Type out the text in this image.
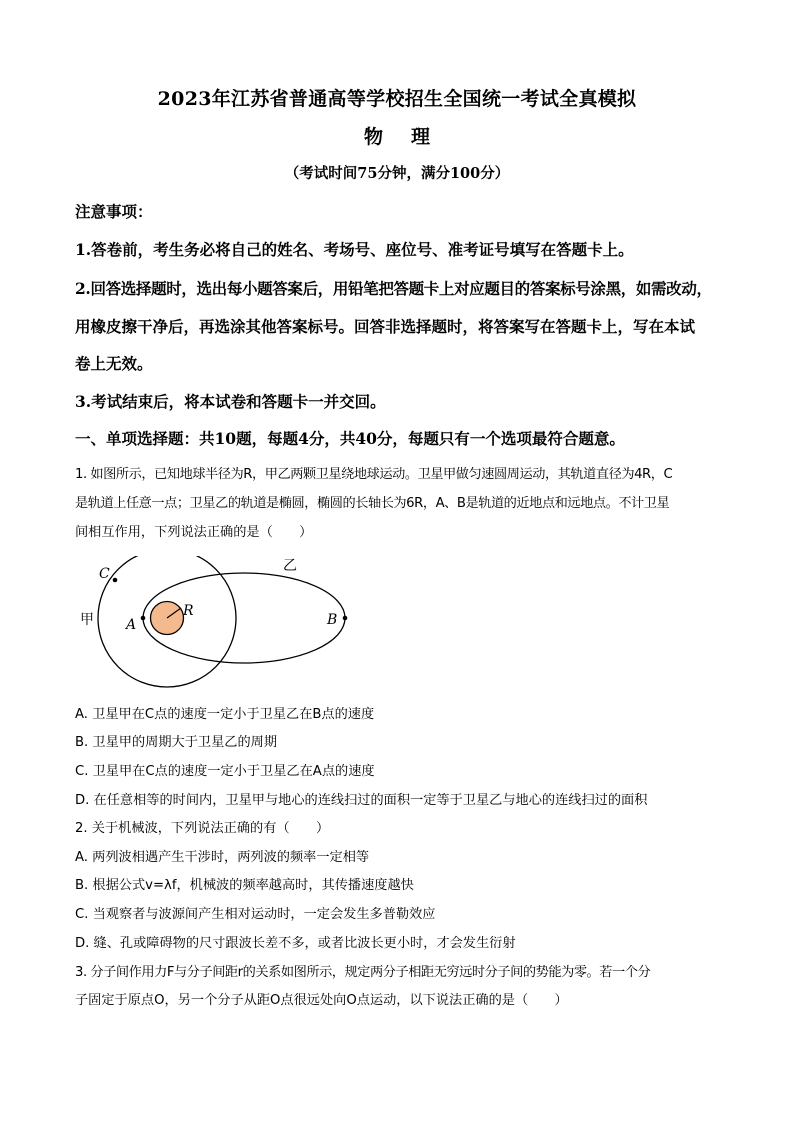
2023年江苏省普通高等学校招生全国统一考试全真模拟
物 理
（考试时间75分钟，满分100分）
注意事项：
1.答卷前，考生务必将自己的姓名、考场号、座位号、准考证号填写在答题卡上。
2.回答选择题时，选出每小题答案后，用铅笔把答题卡上对应题目的答案标号涂黑，如需改动，
用橡皮擦干净后，再选涂其他答案标号。回答非选择题时，将答案写在答题卡上，写在本试
卷上无效。
3.考试结束后，将本试卷和答题卡一并交回。
一、单项选择题：共10题，每题4分，共40分，每题只有一个选项最符合题意。
1. 如图所示，已知地球半径为R，甲乙两颗卫星绕地球运动。卫星甲做匀速圆周运动，其轨道直径为4R，C
是轨道上任意一点；卫星乙的轨道是椭圆，椭圆的长轴长为6R，A、B是轨道的近地点和远地点。不计卫星
间相互作用，下列说法正确的是（　　）
C	乙
甲
R
A	B
A. 卫星甲在C点的速度一定小于卫星乙在B点的速度
B. 卫星甲的周期大于卫星乙的周期
C. 卫星甲在C点的速度一定小于卫星乙在A点的速度
D. 在任意相等的时间内，卫星甲与地心的连线扫过的面积一定等于卫星乙与地心的连线扫过的面积
2. 关于机械波，下列说法正确的有（　　）
A. 两列波相遇产生干涉时，两列波的频率一定相等
B. 根据公式v=λf，机械波的频率越高时，其传播速度越快
C. 当观察者与波源间产生相对运动时，一定会发生多普勒效应
D. 缝、孔或障碍物的尺寸跟波长差不多，或者比波长更小时，才会发生衍射
3. 分子间作用力F与分子间距r的关系如图所示，规定两分子相距无穷远时分子间的势能为零。若一个分
子固定于原点O，另一个分子从距O点很远处向O点运动，以下说法正确的是（　　）
